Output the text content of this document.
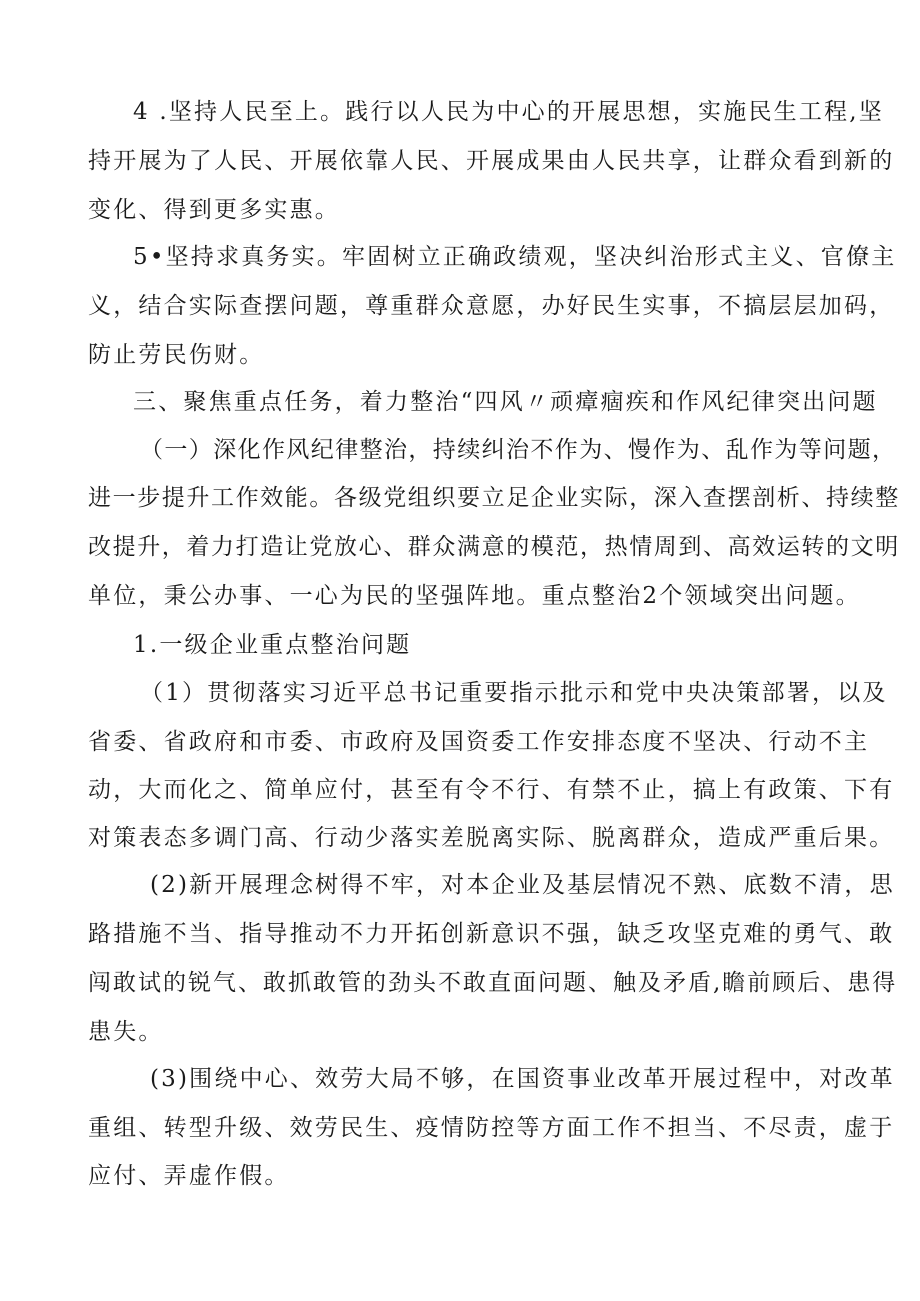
4 .坚持人民至上。践行以人民为中心的开展思想，实施民生工程,坚
持开展为了人民、开展依靠人民、开展成果由人民共享，让群众看到新的
变化、得到更多实惠。
5•坚持求真务实。牢固树立正确政绩观，坚决纠治形式主义、官僚主
义，结合实际查摆问题，尊重群众意愿，办好民生实事，不搞层层加码，
防止劳民伤财。
三、聚焦重点任务，着力整治“四风〃顽瘴痼疾和作风纪律突出问题
（一）深化作风纪律整治，持续纠治不作为、慢作为、乱作为等问题，
进一步提升工作效能。各级党组织要立足企业实际，深入查摆剖析、持续整
改提升，着力打造让党放心、群众满意的模范，热情周到、高效运转的文明
单位，秉公办事、一心为民的坚强阵地。重点整治2个领域突出问题。
1.一级企业重点整治问题
（1）贯彻落实习近平总书记重要指示批示和党中央决策部署，以及
省委、省政府和市委、市政府及国资委工作安排态度不坚决、行动不主
动，大而化之、简单应付，甚至有令不行、有禁不止，搞上有政策、下有
对策表态多调门高、行动少落实差脱离实际、脱离群众，造成严重后果。
(2)新开展理念树得不牢，对本企业及基层情况不熟、底数不清，思
路措施不当、指导推动不力开拓创新意识不强，缺乏攻坚克难的勇气、敢
闯敢试的锐气、敢抓敢管的劲头不敢直面问题、触及矛盾,瞻前顾后、患得
患失。
(3)围绕中心、效劳大局不够，在国资事业改革开展过程中，对改革
重组、转型升级、效劳民生、疫情防控等方面工作不担当、不尽责，虚于
应付、弄虚作假。
